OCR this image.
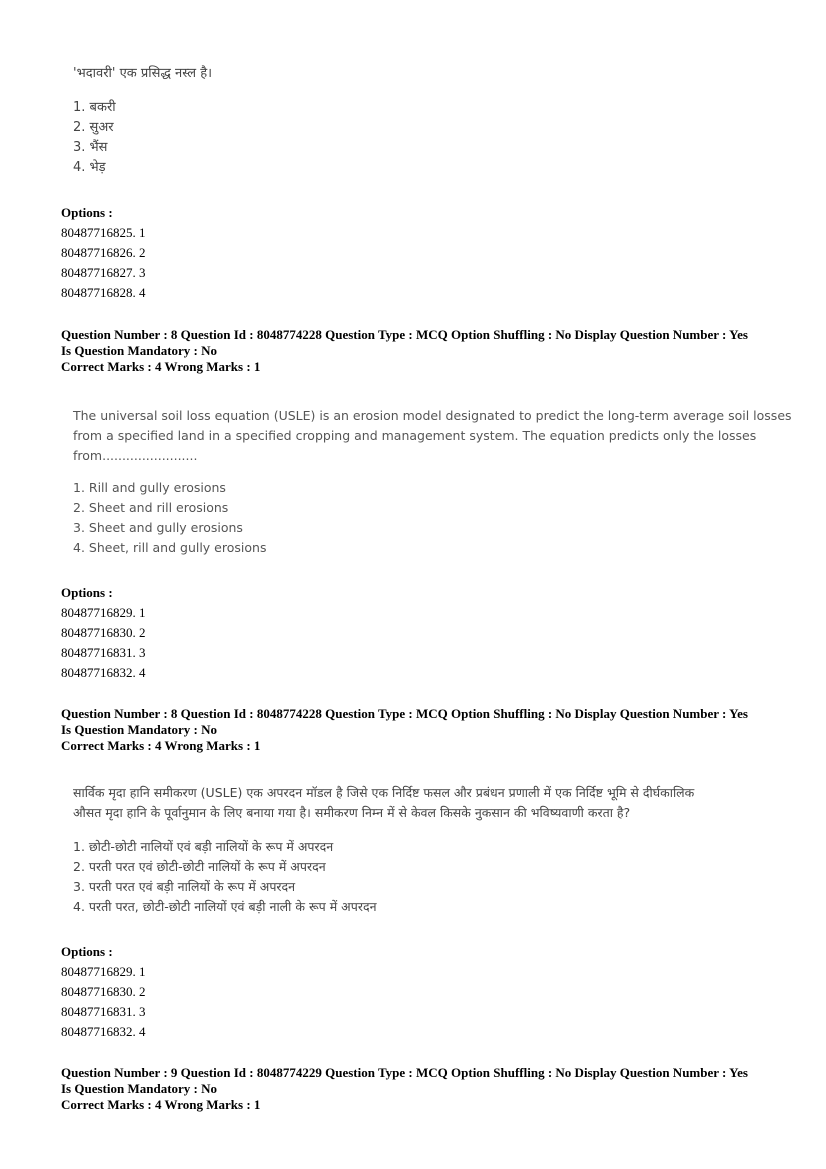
'भदावरी' एक प्रसिद्ध नस्ल है।
1. बकरी
2. सुअर
3. भैंस
4. भेड़
Options :
80487716825. 1
80487716826. 2
80487716827. 3
80487716828. 4
Question Number : 8 Question Id : 8048774228 Question Type : MCQ Option Shuffling : No Display Question Number : Yes
Is Question Mandatory : No
Correct Marks : 4 Wrong Marks : 1
The universal soil loss equation (USLE) is an erosion model designated to predict the long-term average soil losses
from a specified land in a specified cropping and management system. The equation predicts only the losses
from........................
1. Rill and gully erosions
2. Sheet and rill erosions
3. Sheet and gully erosions
4. Sheet, rill and gully erosions
Options :
80487716829. 1
80487716830. 2
80487716831. 3
80487716832. 4
Question Number : 8 Question Id : 8048774228 Question Type : MCQ Option Shuffling : No Display Question Number : Yes
Is Question Mandatory : No
Correct Marks : 4 Wrong Marks : 1
सार्विक मृदा हानि समीकरण (USLE) एक अपरदन मॉडल है जिसे एक निर्दिष्ट फसल और प्रबंधन प्रणाली में एक निर्दिष्ट भूमि से दीर्घकालिक
औसत मृदा हानि के पूर्वानुमान के लिए बनाया गया है। समीकरण निम्न में से केवल किसके नुकसान की भविष्यवाणी करता है?
1. छोटी-छोटी नालियों एवं बड़ी नालियों के रूप में अपरदन
2. परती परत एवं छोटी-छोटी नालियों के रूप में अपरदन
3. परती परत एवं बड़ी नालियों के रूप में अपरदन
4. परती परत, छोटी-छोटी नालियों एवं बड़ी नाली के रूप में अपरदन
Options :
80487716829. 1
80487716830. 2
80487716831. 3
80487716832. 4
Question Number : 9 Question Id : 8048774229 Question Type : MCQ Option Shuffling : No Display Question Number : Yes
Is Question Mandatory : No
Correct Marks : 4 Wrong Marks : 1
